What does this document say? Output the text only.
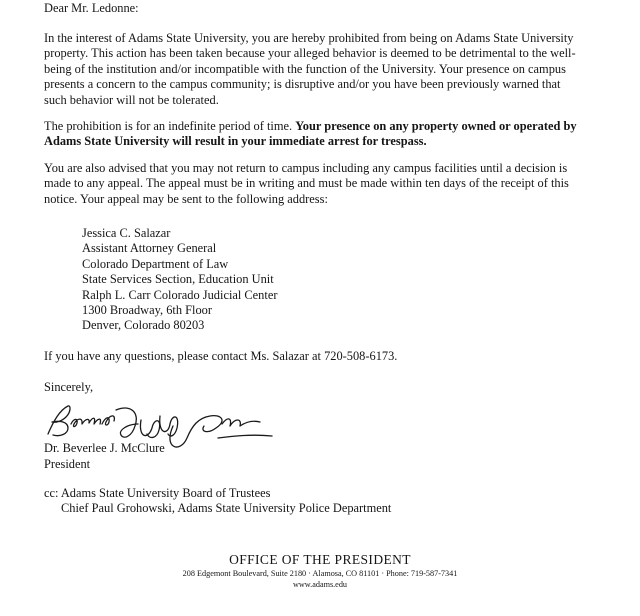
Dear Mr. Ledonne:

In the interest of Adams State University, you are hereby prohibited from being on Adams State University property. This action has been taken because your alleged behavior is deemed to be detrimental to the well-being of the institution and/or incompatible with the function of the University. Your presence on campus presents a concern to the campus community; is disruptive and/or you have been previously warned that such behavior will not be tolerated.

The prohibition is for an indefinite period of time. Your presence on any property owned or operated by Adams State University will result in your immediate arrest for trespass.

You are also advised that you may not return to campus including any campus facilities until a decision is made to any appeal. The appeal must be in writing and must be made within ten days of the receipt of this notice. Your appeal may be sent to the following address:

Jessica C. Salazar
Assistant Attorney General
Colorado Department of Law
State Services Section, Education Unit
Ralph L. Carr Colorado Judicial Center
1300 Broadway, 6th Floor
Denver, Colorado 80203
If you have any questions, please contact Ms. Salazar at 720-508-6173.
Sincerely,
Dr. Beverlee J. McClure
President
cc: Adams State University Board of Trustees
Chief Paul Grohowski, Adams State University Police Department
OFFICE OF THE PRESIDENT
208 Edgemont Boulevard, Suite 2180 · Alamosa, CO 81101 · Phone: 719-587-7341
www.adams.edu
